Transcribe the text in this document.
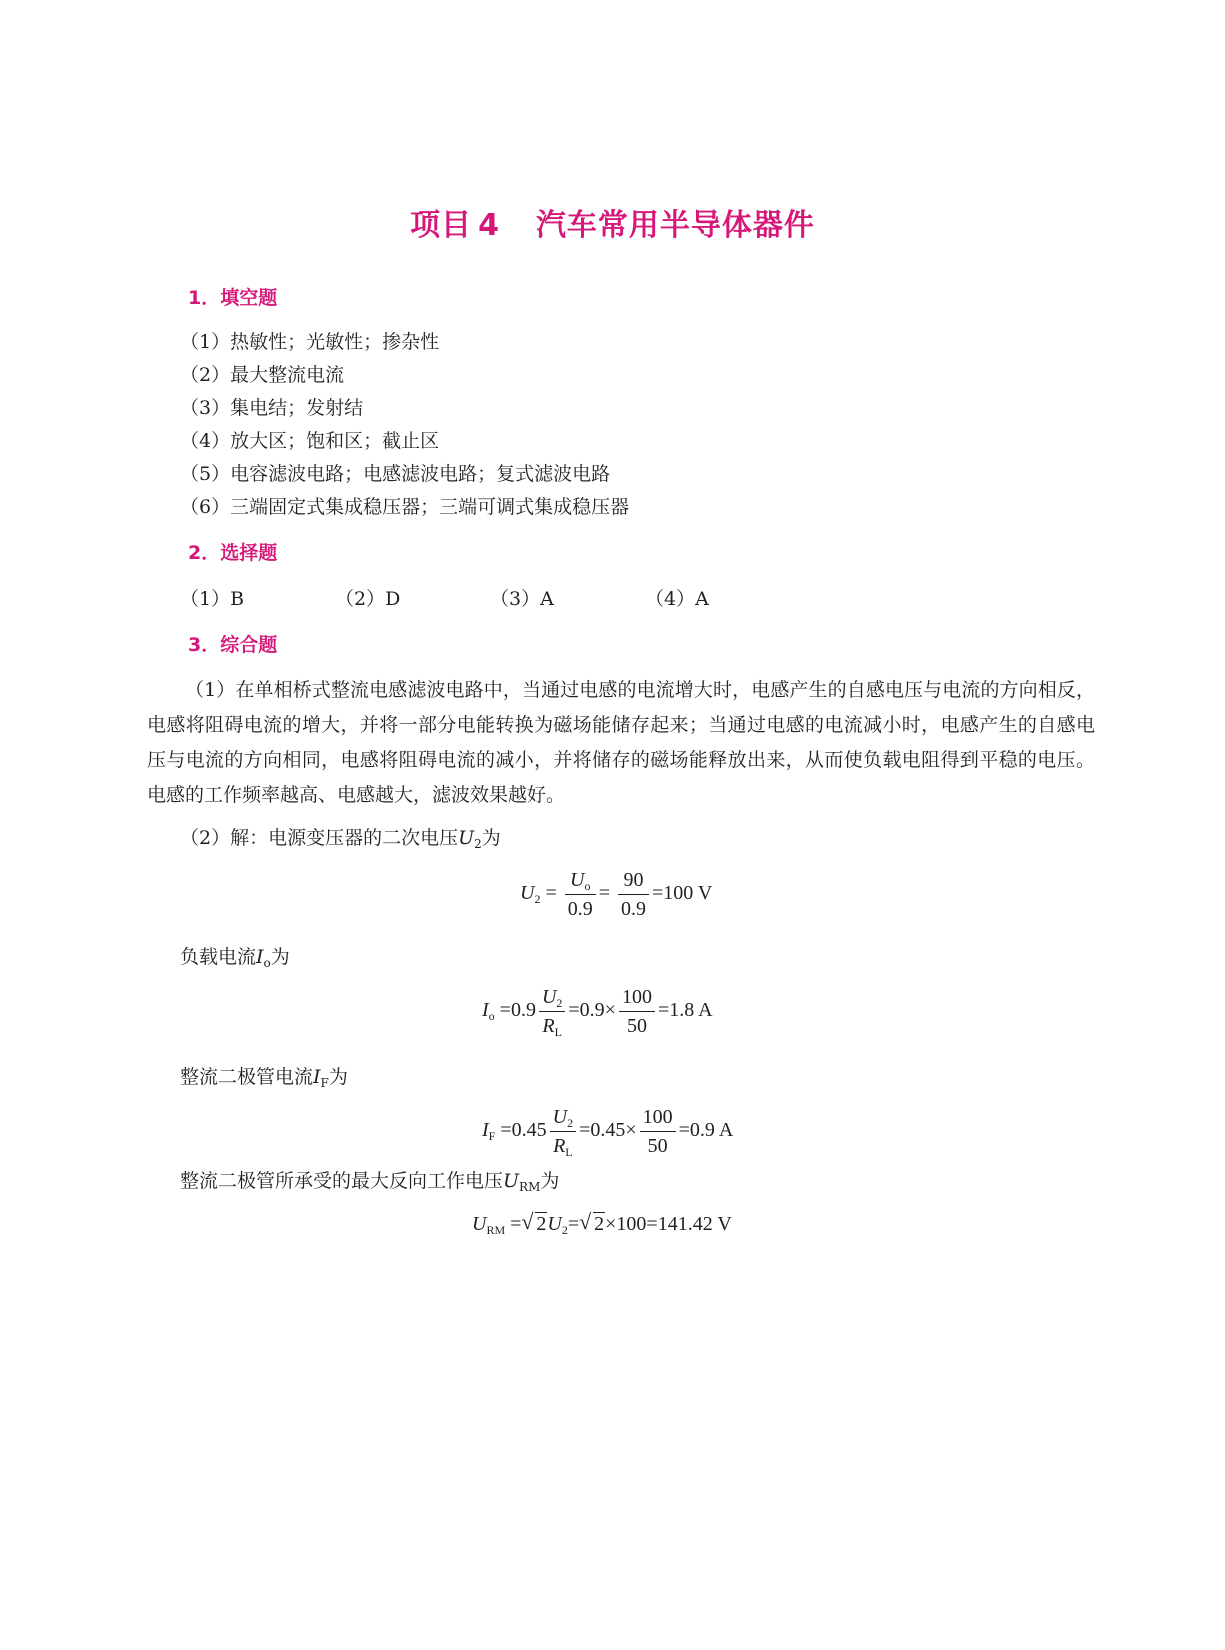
项目 4 汽车常用半导体器件
1．填空题
（1）热敏性；光敏性；掺杂性
（2）最大整流电流
（3）集电结；发射结
（4）放大区；饱和区；截止区
（5）电容滤波电路；电感滤波电路；复式滤波电路
（6）三端固定式集成稳压器；三端可调式集成稳压器
2．选择题
（1）B	（2）D	（3）A	（4）A
3．综合题
（1）在单相桥式整流电感滤波电路中，当通过电感的电流增大时，电感产生的自感电压与电流的方向相反，电感将阻碍电流的增大，并将一部分电能转换为磁场能储存起来；当通过电感的电流减小时，电感产生的自感电压与电流的方向相同，电感将阻碍电流的减小，并将储存的磁场能释放出来，从而使负载电阻得到平稳的电压。电感的工作频率越高、电感越大，滤波效果越好。
（2）解：电源变压器的二次电压$U_2$为
$U_2 = \frac{U_o}{0.9} = \frac{90}{0.9} =100$ V
负载电流$I_o$为
$I_o =0.9 \frac{U_2}{R_L} =0.9\times \frac{100}{50} =1.8$ A
整流二极管电流$I_F$为
$I_F =0.45 \frac{U_2}{R_L} =0.45\times \frac{100}{50} =0.9$ A
整流二极管所承受的最大反向工作电压$U_{RM}$为
$U_{RM}$ = √ $2U_2=$ √ 2×100=141.42 V
